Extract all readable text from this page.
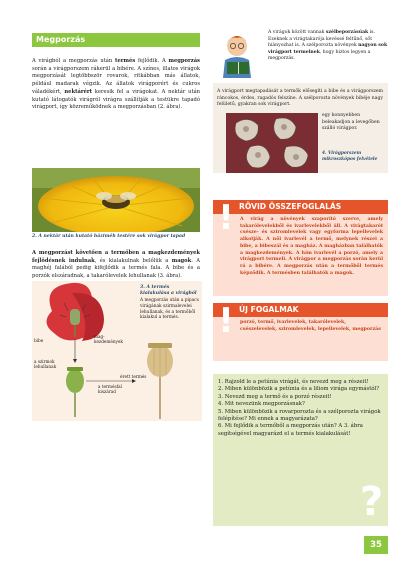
Megporzás

A virágból a megporzás után termés fejlődik. A megporzás során a virágporszem rákerül a bibére. A színes, illatos virágok megporzását legtöbbször rovarok, ritkábban más állatok, például madarak végzik. Az állatok virágporért és cukros váladékért, nektárért keresik fel a virágokat. A nektár után kutató látogatók virágról virágra szállítják a testükre tapadó virágport, így közreműködnek a megporzásban (2. ábra).

2. A nektár után kutató háziméh testére sok virágpor tapad

A megporzást követően a termőben a magkezdemények fejlődésnek indulnak, és kialakulnak belőlük a magok. A maghéj falából pedig kifejlődik a termés fala. A bibe és a porzók elszáradnak, a takarólevelek lehullanak (3. ábra).

bibe
mag-
kezdemények
a szirmok
lehullanak
érett termés
a termésfal
kiszárad
3. A termés kialakulása a virágból
A megporzás után a pipacs virágának szirmalevelei lehullanak, és a termőből kialakul a termés.

A virágok között vannak szélbeporzásúak is. Ezeknek a virágtakarója kevéssé feltűnő, sőt hiányozhat is. A szélporozta növények nagyon sok virágport termelnek, hogy biztos legyen a megporzás.

A virágport megtapadását a termők elősegíti a bibe és a virágporszem ráncokos, érdes, ragadós felszíne. A szélporozta növények bibéje nagy felületű, gyakran sok virágport.

egy konnyebben beleakadjon a levegőben szálló virágpor.
4. Virágporszem mikroszkópos felvétele
! RÖVID ÖSSZEFOGLALÁS

A virág a növények szaporító szerve, amely takarólevelekből és ivarlevelekből áll. A virágtakarót csésze- és sziromlevelek vagy egyforma lepellevelek alkotják. A női ivarlevél a termő, melynek részei a bibe, a bibeszál és a magház. A magházban találhatók a magkezdemények. A hím ivarlevél a porzó, amely a virágport termeli. A virágpor a megporzás során kerül rá a bibére. A megporzás után a termőből termés képződik. A termésben találhatók a magok.

! ÚJ FOGALMAK

porzó, termő, ivarlevelek, takarólevelek, csészelevelek, sziromlevelek, lepellevelek, megporzás

1. Rajzold le a petúnia virágát, és nevezd meg a részeit!
2. Miben különbözik a petúnia és a liliom virága egymástól?
3. Nevezd meg a termő és a porzó részeit!
4. Mit nevezünk megporzásnak?
5. Miben különbözik a rovarporozta és a szélporozta virágok felépítése? Mi ennek a magyarázata?
6. Mi fejlődik a termőből a megporzás után? A 3. ábra segítségével magyarázd el a termés kialakulását!
?
35
